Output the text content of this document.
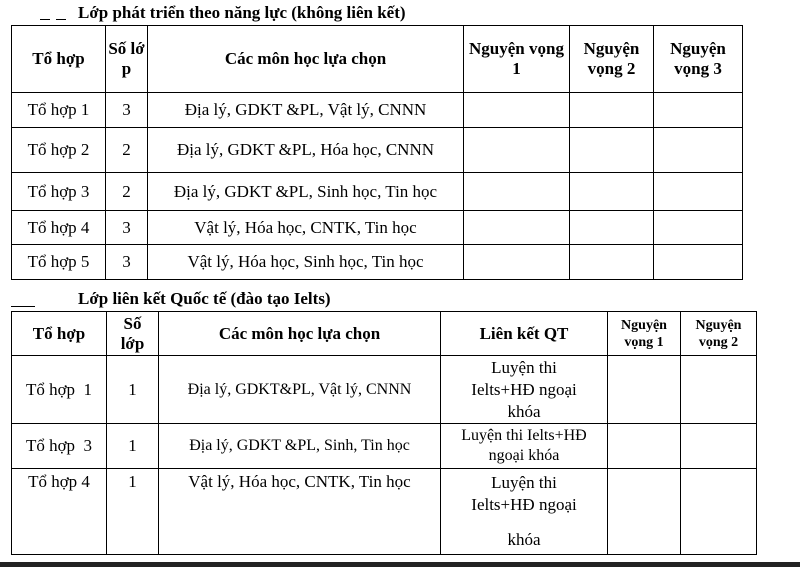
Lớp phát triển theo năng lực (không liên kết)
Tổ hợp	Số lớp	Các môn học lựa chọn	Nguyện vọng 1	Nguyện vọng 2	Nguyện vọng 3
Tổ hợp 1	3	Địa lý, GDKT &PL, Vật lý, CNNN			
Tổ hợp 2	2	Địa lý, GDKT &PL, Hóa học, CNNN			
Tổ hợp 3	2	Địa lý, GDKT &PL, Sinh học, Tin học			
Tổ hợp 4	3	Vật lý, Hóa học, CNTK, Tin học			
Tổ hợp 5	3	Vật lý, Hóa học, Sinh học, Tin học			
Lớp liên kết Quốc tế (đào tạo Ielts)
Tổ hợp	Số lớp	Các môn học lựa chọn	Liên kết QT	Nguyện vọng 1	Nguyện vọng 2
Tổ hợp  1	1	Địa lý, GDKT&PL, Vật lý, CNNN	Luyện thi Ielts+HĐ ngoại khóa		
Tổ hợp  3	1	Địa lý, GDKT &PL, Sinh, Tin học	Luyện thi Ielts+HĐ ngoại khóa		
Tổ hợp 4	1	Vật lý, Hóa học, CNTK, Tin học	Luyện thi Ielts+HĐ ngoại		
			khóa		
